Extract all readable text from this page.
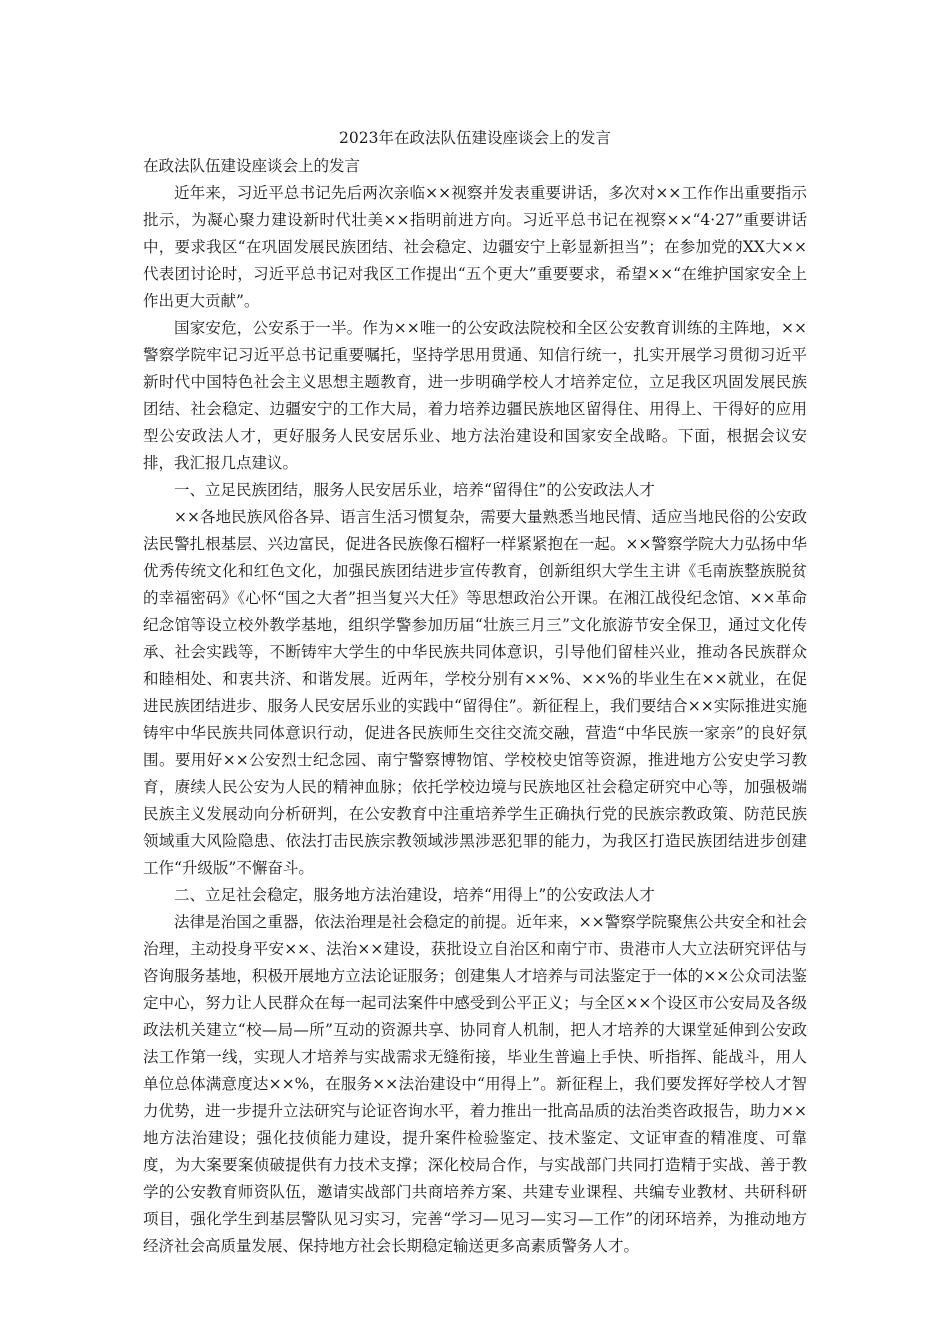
2023年在政法队伍建设座谈会上的发言
在政法队伍建设座谈会上的发言

近年来，习近平总书记先后两次亲临××视察并发表重要讲话，多次对××工作作出重要指示批示，为凝心聚力建设新时代壮美××指明前进方向。习近平总书记在视察××“4·27”重要讲话中，要求我区“在巩固发展民族团结、社会稳定、边疆安宁上彰显新担当”；在参加党的XX大××代表团讨论时，习近平总书记对我区工作提出“五个更大”重要要求，希望××“在维护国家安全上作出更大贡献”。

国家安危，公安系于一半。作为××唯一的公安政法院校和全区公安教育训练的主阵地，××警察学院牢记习近平总书记重要嘱托，坚持学思用贯通、知信行统一，扎实开展学习贯彻习近平新时代中国特色社会主义思想主题教育，进一步明确学校人才培养定位，立足我区巩固发展民族团结、社会稳定、边疆安宁的工作大局，着力培养边疆民族地区留得住、用得上、干得好的应用型公安政法人才，更好服务人民安居乐业、地方法治建设和国家安全战略。下面，根据会议安排，我汇报几点建议。

一、立足民族团结，服务人民安居乐业，培养“留得住”的公安政法人才

××各地民族风俗各异、语言生活习惯复杂，需要大量熟悉当地民情、适应当地民俗的公安政法民警扎根基层、兴边富民，促进各民族像石榴籽一样紧紧抱在一起。××警察学院大力弘扬中华优秀传统文化和红色文化，加强民族团结进步宣传教育，创新组织大学生主讲《毛南族整族脱贫的幸福密码》《心怀“国之大者”担当复兴大任》等思想政治公开课。在湘江战役纪念馆、××革命纪念馆等设立校外教学基地，组织学警参加历届“壮族三月三”文化旅游节安全保卫，通过文化传承、社会实践等，不断铸牢大学生的中华民族共同体意识，引导他们留桂兴业，推动各民族群众和睦相处、和衷共济、和谐发展。近两年，学校分别有××%、××%的毕业生在××就业，在促进民族团结进步、服务人民安居乐业的实践中“留得住”。新征程上，我们要结合××实际推进实施铸牢中华民族共同体意识行动，促进各民族师生交往交流交融，营造“中华民族一家亲”的良好氛围。要用好××公安烈士纪念园、南宁警察博物馆、学校校史馆等资源，推进地方公安史学习教育，赓续人民公安为人民的精神血脉；依托学校边境与民族地区社会稳定研究中心等，加强极端民族主义发展动向分析研判，在公安教育中注重培养学生正确执行党的民族宗教政策、防范民族领域重大风险隐患、依法打击民族宗教领域涉黑涉恶犯罪的能力，为我区打造民族团结进步创建工作“升级版”不懈奋斗。

二、立足社会稳定，服务地方法治建设，培养“用得上”的公安政法人才

法律是治国之重器，依法治理是社会稳定的前提。近年来，××警察学院聚焦公共安全和社会治理，主动投身平安××、法治××建设，获批设立自治区和南宁市、贵港市人大立法研究评估与咨询服务基地，积极开展地方立法论证服务；创建集人才培养与司法鉴定于一体的××公众司法鉴定中心，努力让人民群众在每一起司法案件中感受到公平正义；与全区××个设区市公安局及各级政法机关建立“校—局—所”互动的资源共享、协同育人机制，把人才培养的大课堂延伸到公安政法工作第一线，实现人才培养与实战需求无缝衔接，毕业生普遍上手快、听指挥、能战斗，用人单位总体满意度达××%，在服务××法治建设中“用得上”。新征程上，我们要发挥好学校人才智力优势，进一步提升立法研究与论证咨询水平，着力推出一批高品质的法治类咨政报告，助力××地方法治建设；强化技侦能力建设，提升案件检验鉴定、技术鉴定、文证审查的精准度、可靠度，为大案要案侦破提供有力技术支撑；深化校局合作，与实战部门共同打造精于实战、善于教学的公安教育师资队伍，邀请实战部门共商培养方案、共建专业课程、共编专业教材、共研科研项目，强化学生到基层警队见习实习，完善“学习—见习—实习—工作”的闭环培养，为推动地方经济社会高质量发展、保持地方社会长期稳定输送更多高素质警务人才。
